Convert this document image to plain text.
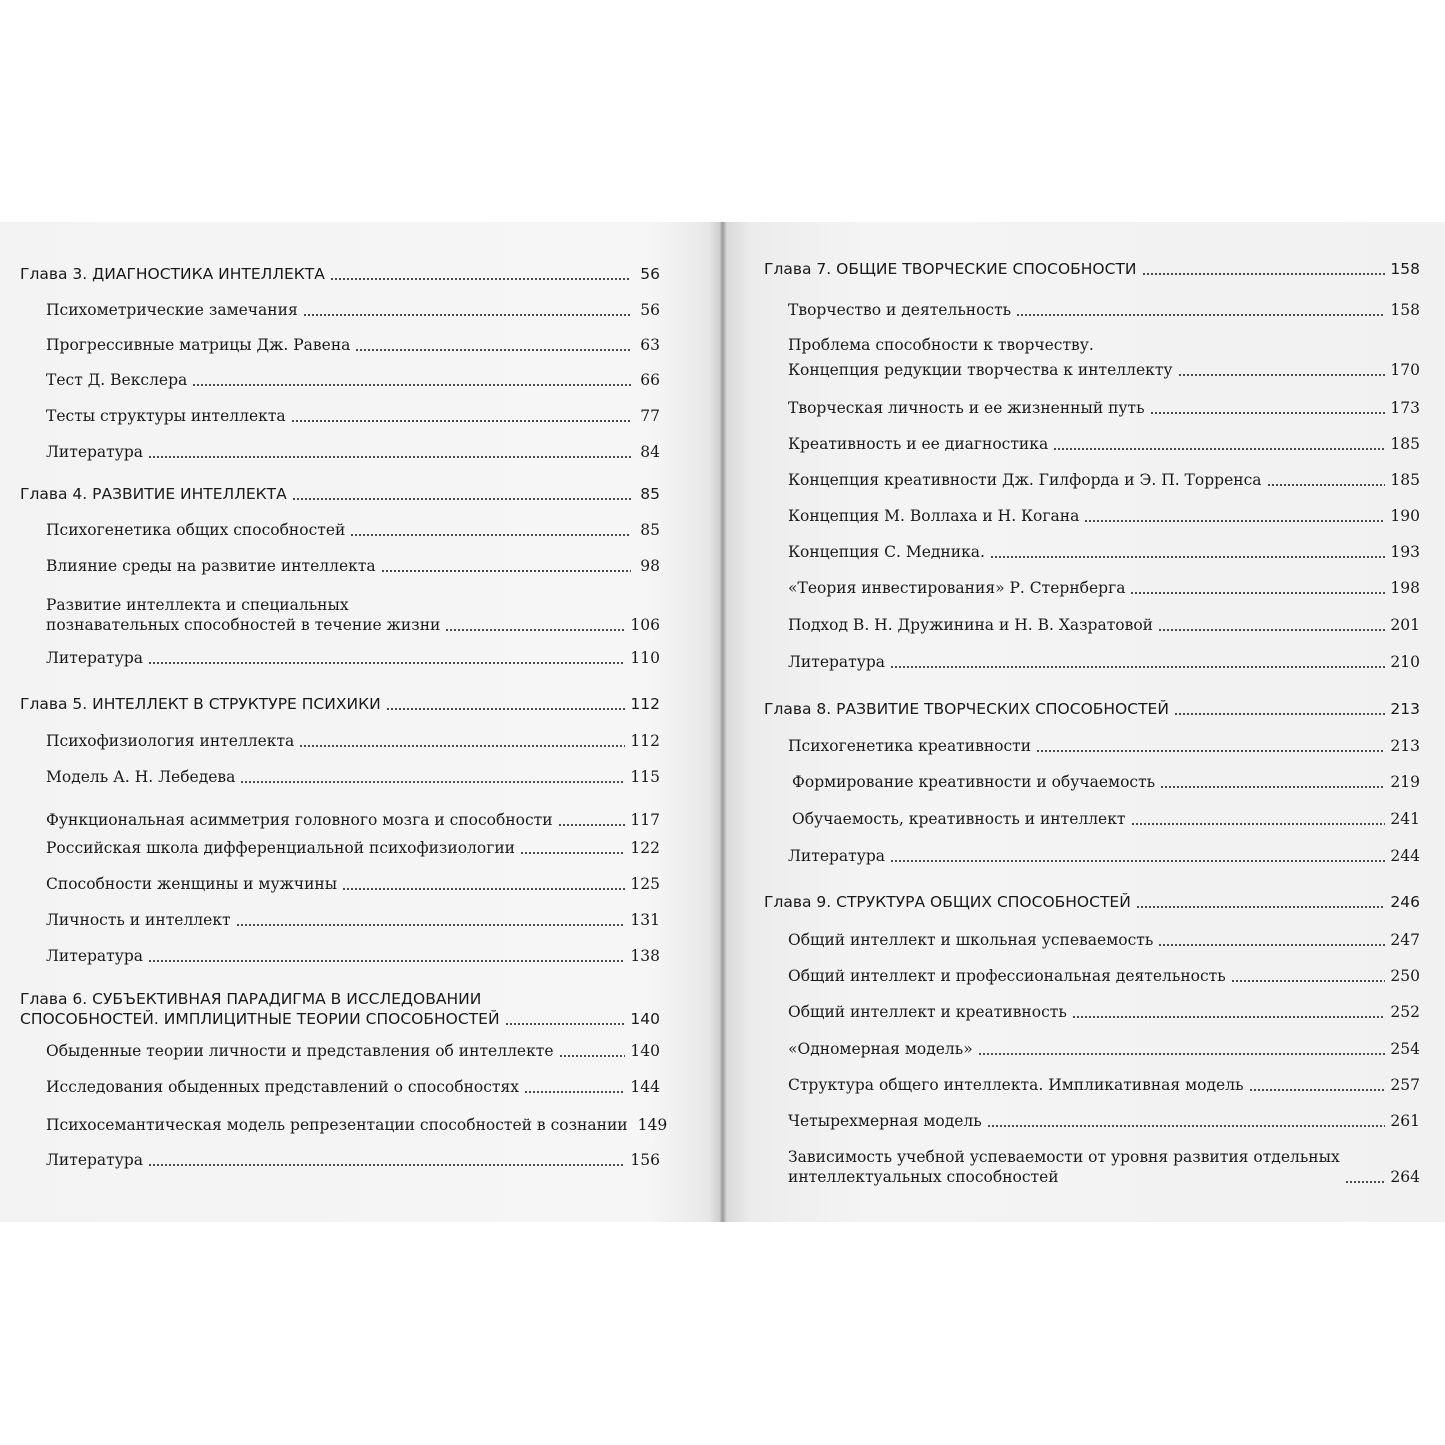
Глава 3. ДИАГНОСТИКА ИНТЕЛЛЕКТА	56
Психометрические замечания	56
Прогрессивные матрицы Дж. Равена	63
Тест Д. Векслера	66
Тесты структуры интеллекта	77
Литература	84
Глава 4. РАЗВИТИЕ ИНТЕЛЛЕКТА	85
Психогенетика общих способностей	85
Влияние среды на развитие интеллекта	98
Развитие интеллекта и специальных
познавательных способностей в течение жизни	106
Литература	110
Глава 5. ИНТЕЛЛЕКТ В СТРУКТУРЕ ПСИХИКИ	112
Психофизиология интеллекта	112
Модель А. Н. Лебедева	115
Функциональная асимметрия головного мозга и способности	117
Российская школа дифференциальной психофизиологии	122
Способности женщины и мужчины	125
Личность и интеллект	131
Литература	138
Глава 6. СУБЪЕКТИВНАЯ ПАРАДИГМА В ИССЛЕДОВАНИИ
СПОСОБНОСТЕЙ. ИМПЛИЦИТНЫЕ ТЕОРИИ СПОСОБНОСТЕЙ	140
Обыденные теории личности и представления об интеллекте	140
Исследования обыденных представлений о способностях	144
Психосемантическая модель репрезентации способностей в сознании 149
Литература	156
Глава 7. ОБЩИЕ ТВОРЧЕСКИЕ СПОСОБНОСТИ	158
Творчество и деятельность	158
Проблема способности к творчеству.
Концепция редукции творчества к интеллекту	170
Творческая личность и ее жизненный путь	173
Креативность и ее диагностика	185
Концепция креативности Дж. Гилфорда и Э. П. Торренса	185
Концепция М. Воллаха и Н. Когана	190
Концепция С. Медника.	193
«Теория инвестирования» Р. Стернберга	198
Подход В. Н. Дружинина и Н. В. Хазратовой	201
Литература	210
Глава 8. РАЗВИТИЕ ТВОРЧЕСКИХ СПОСОБНОСТЕЙ	213
Психогенетика креативности	213
Формирование креативности и обучаемость	219
Обучаемость, креативность и интеллект	241
Литература	244
Глава 9. СТРУКТУРА ОБЩИХ СПОСОБНОСТЕЙ	246
Общий интеллект и школьная успеваемость	247
Общий интеллект и профессиональная деятельность	250
Общий интеллект и креативность	252
«Одномерная модель»	254
Структура общего интеллекта. Импликативная модель	257
Четырехмерная модель	261
Зависимость учебной успеваемости от уровня развития отдельных
интеллектуальных способностей	264
